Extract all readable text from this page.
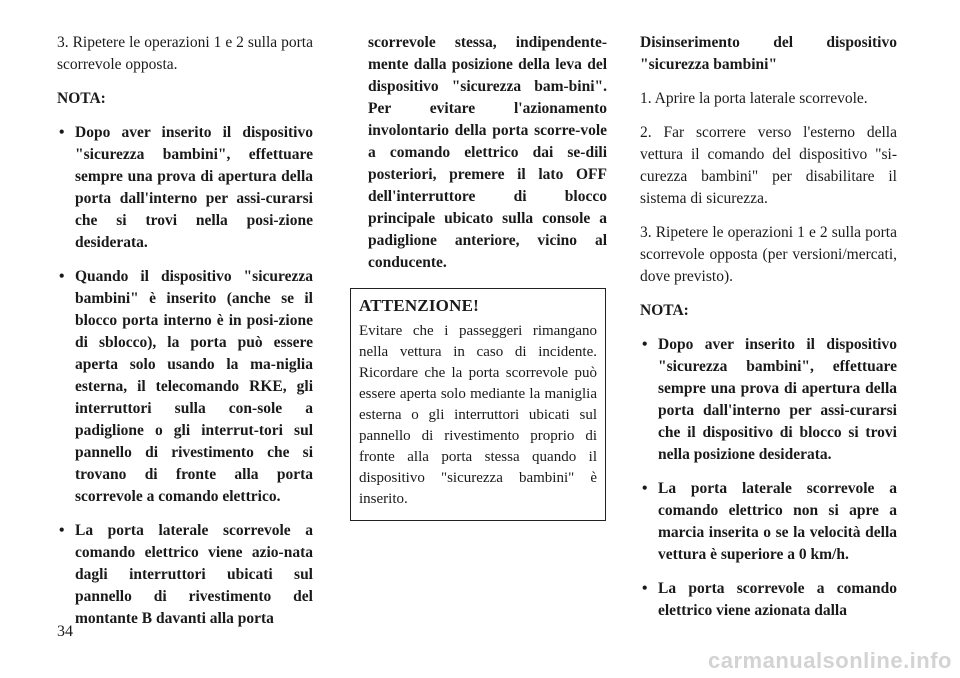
3. Ripetere le operazioni 1 e 2 sulla porta scorrevole opposta.

NOTA:

• Dopo aver inserito il dispositivo "sicurezza bambini", effettuare sempre una prova di apertura della porta dall'interno per assi-curarsi che si trovi nella posi-zione desiderata.
• Quando il dispositivo "sicurezza bambini" è inserito (anche se il blocco porta interno è in posi-zione di sblocco), la porta può essere aperta solo usando la ma-niglia esterna, il telecomando RKE, gli interruttori sulla con-sole a padiglione o gli interrut-tori sul pannello di rivestimento che si trovano di fronte alla porta scorrevole a comando elettrico.
• La porta laterale scorrevole a comando elettrico viene azio-nata dagli interruttori ubicati sul pannello di rivestimento del montante B davanti alla porta

scorrevole stessa, indipendente-mente dalla posizione della leva del dispositivo "sicurezza bam-bini". Per evitare l'azionamento involontario della porta scorre-vole a comando elettrico dai se-dili posteriori, premere il lato OFF dell'interruttore di blocco principale ubicato sulla console a padiglione anteriore, vicino al conducente.

ATTENZIONE!

Evitare che i passeggeri rimangano nella vettura in caso di incidente. Ricordare che la porta scorrevole può essere aperta solo mediante la maniglia esterna o gli interruttori ubicati sul pannello di rivestimento proprio di fronte alla porta stessa quando il dispositivo "sicurezza bambini" è inserito.

Disinserimento del dispositivo "sicurezza bambini"

1. Aprire la porta laterale scorrevole.

2. Far scorrere verso l'esterno della vettura il comando del dispositivo "si-curezza bambini" per disabilitare il sistema di sicurezza.

3. Ripetere le operazioni 1 e 2 sulla porta scorrevole opposta (per versioni/mercati, dove previsto).

NOTA:

• Dopo aver inserito il dispositivo "sicurezza bambini", effettuare sempre una prova di apertura della porta dall'interno per assi-curarsi che il dispositivo di blocco si trovi nella posizione desiderata.
• La porta laterale scorrevole a comando elettrico non si apre a marcia inserita o se la velocità della vettura è superiore a 0 km/h.
• La porta scorrevole a comando elettrico viene azionata dalla
34
carmanualsonline.info
